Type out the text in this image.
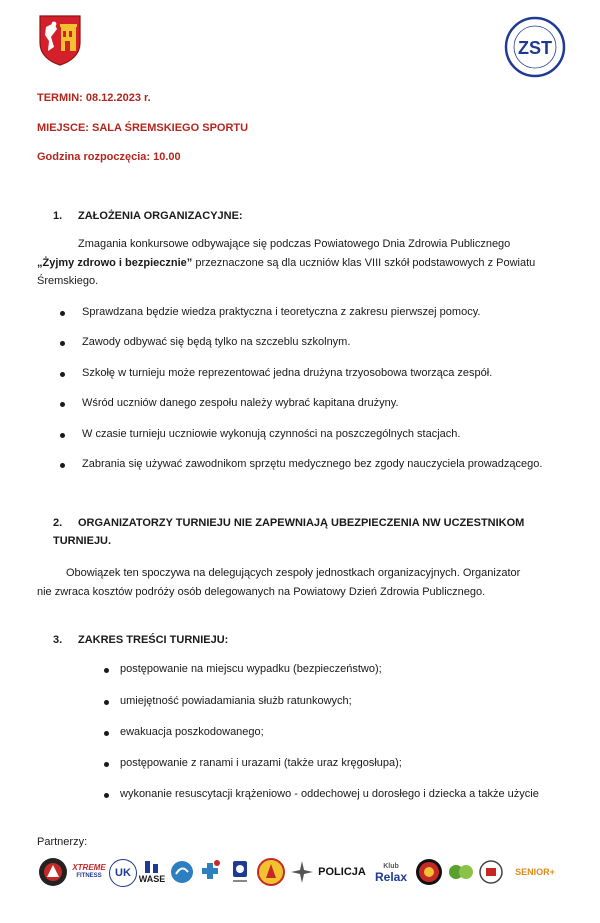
ZST
TERMIN: 08.12.2023 r.
MIEJSCE: SALA ŚREMSKIEGO SPORTU
Godzina rozpoczęcia: 10.00
1. ZAŁOŻENIA ORGANIZACYJNE:
Zmagania konkursowe odbywające się podczas Powiatowego Dnia Zdrowia Publicznego
„Żyjmy zdrowo i bezpiecznie” przeznaczone są dla uczniów klas VIII szkół podstawowych z Powiatu
Śremskiego.
Sprawdzana będzie wiedza praktyczna i teoretyczna z zakresu pierwszej pomocy.
Zawody odbywać się będą tylko na szczeblu szkolnym.
Szkołę w turnieju może reprezentować jedna drużyna trzyosobowa tworząca zespół.
Wśród uczniów danego zespołu należy wybrać kapitana drużyny.
W czasie turnieju uczniowie wykonują czynności na poszczególnych stacjach.
Zabrania się używać zawodnikom sprzętu medycznego bez zgody nauczyciela prowadzącego.
2. ORGANIZATORZY TURNIEJU NIE ZAPEWNIAJĄ UBEZPIECZENIA NW UCZESTNIKOM
TURNIEJU.
Obowiązek ten spoczywa na delegujących zespoły jednostkach organizacyjnych. Organizator
nie zwraca kosztów podróży osób delegowanych na Powiatowy Dzień Zdrowia Publicznego.
3. ZAKRES TREŚCI TURNIEJU:
postępowanie na miejscu wypadku (bezpieczeństwo);
umiejętność powiadamiania służb ratunkowych;
ewakuacja poszkodowanego;
postępowanie z ranami i urazami (także uraz kręgosłupa);
wykonanie resuscytacji krążeniowo - oddechowej u dorosłego i dziecka a także użycie
Partnerzy:
XTREME
FITNESS	UK WASE
POLICJA Klub
Relax	SENIOR+
